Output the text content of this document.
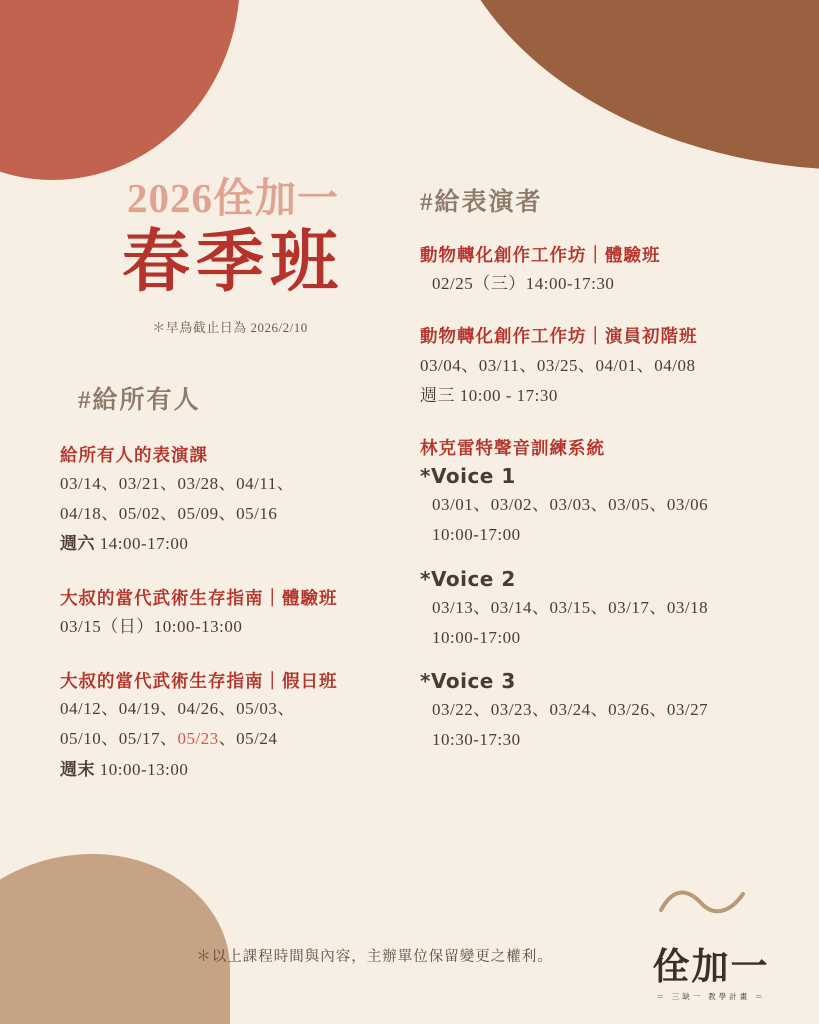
2026佺加一
春季班
＊早鳥截止日為 2026/2/10
#給所有人
給所有人的表演課
03/14、03/21、03/28、04/11、
04/18、05/02、05/09、05/16
週六 14:00-17:00
大叔的當代武術生存指南｜體驗班
03/15（日）10:00-13:00
大叔的當代武術生存指南｜假日班
04/12、04/19、04/26、05/03、
05/10、05/17、05/23、05/24
週末 10:00-13:00
#給表演者
動物轉化創作工作坊｜體驗班
02/25（三）14:00-17:30
動物轉化創作工作坊｜演員初階班
03/04、03/11、03/25、04/01、04/08
週三 10:00 - 17:30
林克雷特聲音訓練系統
*Voice 1
03/01、03/02、03/03、03/05、03/06
10:00-17:00
*Voice 2
03/13、03/14、03/15、03/17、03/18
10:00-17:00
*Voice 3
03/22、03/23、03/24、03/26、03/27
10:30-17:30
＊以上課程時間與內容，主辦單位保留變更之權利。	佺加一
＝ 三缺一 教學計畫 ＝
